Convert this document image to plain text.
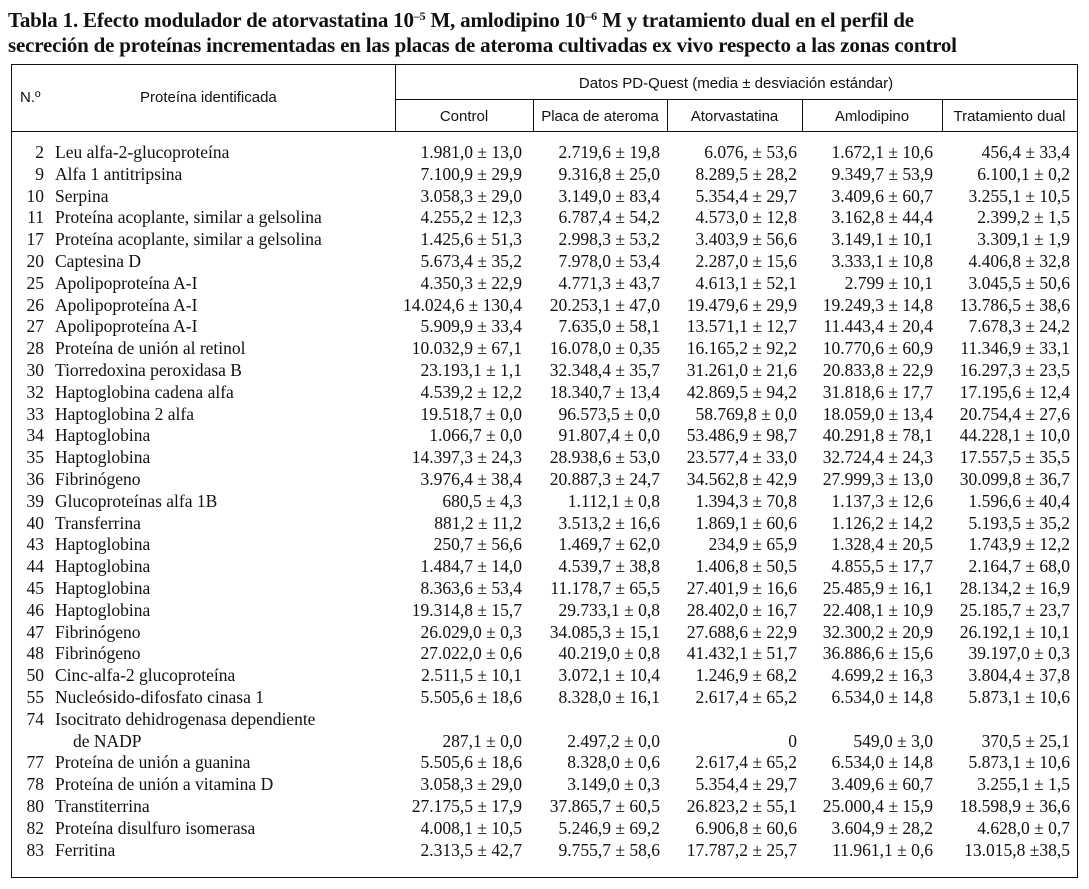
Tabla 1. Efecto modulador de atorvastatina $10^{-5}$ M, amlodipino $10^{-6}$ M y tratamiento dual en el perfil de
secreción de proteínas incrementadas en las placas de ateroma cultivadas ex vivo respecto a las zonas control
N.º	Proteína identificada
Datos PD-Quest (media ± desviación estándar)
Control	Placa de ateroma	Atorvastatina	Amlodipino	Tratamiento dual
2 Leu alfa-2-glucoproteína	1.981,0 ± 13,0	2.719,6 ± 19,8	6.076, ± 53,6	1.672,1 ± 10,6	456,4 ± 33,4
9 Alfa 1 antitripsina	7.100,9 ± 29,9	9.316,8 ± 25,0	8.289,5 ± 28,2	9.349,7 ± 53,9	6.100,1 ± 0,2
10 Serpina	3.058,3 ± 29,0	3.149,0 ± 83,4	5.354,4 ± 29,7	3.409,6 ± 60,7	3.255,1 ± 10,5
11 Proteína acoplante, similar a gelsolina	4.255,2 ± 12,3	6.787,4 ± 54,2	4.573,0 ± 12,8	3.162,8 ± 44,4	2.399,2 ± 1,5
17 Proteína acoplante, similar a gelsolina	1.425,6 ± 51,3	2.998,3 ± 53,2	3.403,9 ± 56,6	3.149,1 ± 10,1	3.309,1 ± 1,9
20 Captesina D	5.673,4 ± 35,2	7.978,0 ± 53,4	2.287,0 ± 15,6	3.333,1 ± 10,8	4.406,8 ± 32,8
25 Apolipoproteína A-I	4.350,3 ± 22,9	4.771,3 ± 43,7	4.613,1 ± 52,1	2.799 ± 10,1	3.045,5 ± 50,6
26 Apolipoproteína A-I	14.024,6 ± 130,4	20.253,1 ± 47,0	19.479,6 ± 29,9	19.249,3 ± 14,8	13.786,5 ± 38,6
27 Apolipoproteína A-I	5.909,9 ± 33,4	7.635,0 ± 58,1	13.571,1 ± 12,7	11.443,4 ± 20,4	7.678,3 ± 24,2
28 Proteína de unión al retinol	10.032,9 ± 67,1	16.078,0 ± 0,35	16.165,2 ± 92,2	10.770,6 ± 60,9	11.346,9 ± 33,1
30 Tiorredoxina peroxidasa B	23.193,1 ± 1,1	32.348,4 ± 35,7	31.261,0 ± 21,6	20.833,8 ± 22,9	16.297,3 ± 23,5
32 Haptoglobina cadena alfa	4.539,2 ± 12,2	18.340,7 ± 13,4	42.869,5 ± 94,2	31.818,6 ± 17,7	17.195,6 ± 12,4
33 Haptoglobina 2 alfa	19.518,7 ± 0,0	96.573,5 ± 0,0	58.769,8 ± 0,0	18.059,0 ± 13,4	20.754,4 ± 27,6
34 Haptoglobina	1.066,7 ± 0,0	91.807,4 ± 0,0	53.486,9 ± 98,7	40.291,8 ± 78,1	44.228,1 ± 10,0
35 Haptoglobina	14.397,3 ± 24,3	28.938,6 ± 53,0	23.577,4 ± 33,0	32.724,4 ± 24,3	17.557,5 ± 35,5
36 Fibrinógeno	3.976,4 ± 38,4	20.887,3 ± 24,7	34.562,8 ± 42,9	27.999,3 ± 13,0	30.099,8 ± 36,7
39 Glucoproteínas alfa 1B	680,5 ± 4,3	1.112,1 ± 0,8	1.394,3 ± 70,8	1.137,3 ± 12,6	1.596,6 ± 40,4
40 Transferrina	881,2 ± 11,2	3.513,2 ± 16,6	1.869,1 ± 60,6	1.126,2 ± 14,2	5.193,5 ± 35,2
43 Haptoglobina	250,7 ± 56,6	1.469,7 ± 62,0	234,9 ± 65,9	1.328,4 ± 20,5	1.743,9 ± 12,2
44 Haptoglobina	1.484,7 ± 14,0	4.539,7 ± 38,8	1.406,8 ± 50,5	4.855,5 ± 17,7	2.164,7 ± 68,0
45 Haptoglobina	8.363,6 ± 53,4	11.178,7 ± 65,5	27.401,9 ± 16,6	25.485,9 ± 16,1	28.134,2 ± 16,9
46 Haptoglobina	19.314,8 ± 15,7	29.733,1 ± 0,8	28.402,0 ± 16,7	22.408,1 ± 10,9	25.185,7 ± 23,7
47 Fibrinógeno	26.029,0 ± 0,3	34.085,3 ± 15,1	27.688,6 ± 22,9	32.300,2 ± 20,9	26.192,1 ± 10,1
48 Fibrinógeno	27.022,0 ± 0,6	40.219,0 ± 0,8	41.432,1 ± 51,7	36.886,6 ± 15,6	39.197,0 ± 0,3
50 Cinc-alfa-2 glucoproteína	2.511,5 ± 10,1	3.072,1 ± 10,4	1.246,9 ± 68,2	4.699,2 ± 16,3	3.804,4 ± 37,8
55 Nucleósido-difosfato cinasa 1	5.505,6 ± 18,6	8.328,0 ± 16,1	2.617,4 ± 65,2	6.534,0 ± 14,8	5.873,1 ± 10,6
74 Isocitrato dehidrogenasa dependiente
de NADP	287,1 ± 0,0	2.497,2 ± 0,0	0	549,0 ± 3,0	370,5 ± 25,1
77 Proteína de unión a guanina	5.505,6 ± 18,6	8.328,0 ± 0,6	2.617,4 ± 65,2	6.534,0 ± 14,8	5.873,1 ± 10,6
78 Proteína de unión a vitamina D	3.058,3 ± 29,0	3.149,0 ± 0,3	5.354,4 ± 29,7	3.409,6 ± 60,7	3.255,1 ± 1,5
80 Transtiterrina	27.175,5 ± 17,9	37.865,7 ± 60,5	26.823,2 ± 55,1	25.000,4 ± 15,9	18.598,9 ± 36,6
82 Proteína disulfuro isomerasa	4.008,1 ± 10,5	5.246,9 ± 69,2	6.906,8 ± 60,6	3.604,9 ± 28,2	4.628,0 ± 0,7
83 Ferritina	2.313,5 ± 42,7	9.755,7 ± 58,6	17.787,2 ± 25,7	11.961,1 ± 0,6	13.015,8 ±38,5
